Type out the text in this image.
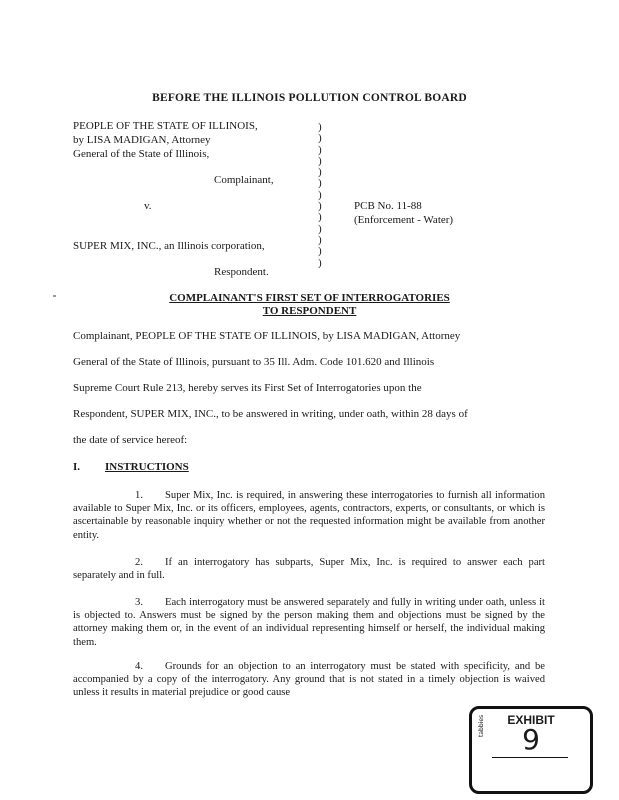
BEFORE THE ILLINOIS POLLUTION CONTROL BOARD
PEOPLE OF THE STATE OF ILLINOIS,
by LISA MADIGAN, Attorney
General of the State of Illinois,
Complainant,
v.	PCB No. 11-88
(Enforcement - Water)
SUPER MIX, INC., an Illinois corporation,
Respondent.
)
)
)
)
)
)
)
)
)
)
)
)
)
COMPLAINANT'S FIRST SET OF INTERROGATORIES
TO RESPONDENT
Complainant, PEOPLE OF THE STATE OF ILLINOIS, by LISA MADIGAN, Attorney
General of the State of Illinois, pursuant to 35 Ill. Adm. Code 101.620 and Illinois
Supreme Court Rule 213, hereby serves its First Set of Interrogatories upon the
Respondent, SUPER MIX, INC., to be answered in writing, under oath, within 28 days of
the date of service hereof:
I. INSTRUCTIONS
1. Super Mix, Inc. is required, in answering these interrogatories to furnish all information available to Super Mix, Inc. or its officers, employees, agents, contractors, experts, or consultants, or which is ascertainable by reasonable inquiry whether or not the requested information might be available from another entity.
2. If an interrogatory has subparts, Super Mix, Inc. is required to answer each part separately and in full.
3. Each interrogatory must be answered separately and fully in writing under oath, unless it is objected to. Answers must be signed by the person making them and objections must be signed by the attorney making them or, in the event of an individual representing himself or herself, the individual making them.
4. Grounds for an objection to an interrogatory must be stated with specificity, and be accompanied by a copy of the interrogatory. Any ground that is not stated in a timely objection is waived unless it results in material prejudice or good cause
EXHIBIT
9
tabbies
